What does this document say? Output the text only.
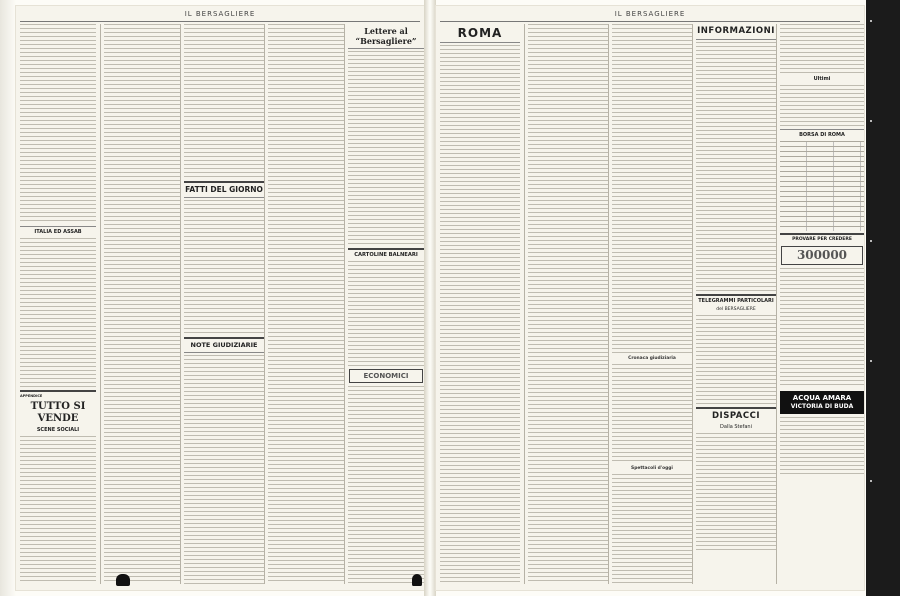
IL BERSAGLIERE
ITALIA ED ASSAB
APPENDICE
TUTTO SI VENDE
SCENE SOCIALI
FATTI DEL GIORNO
NOTE GIUDIZIARIE
Lettere al “Bersagliere”
CARTOLINE BALNEARI
ECONOMICI
IL BERSAGLIERE
ROMA
Cronaca giudiziaria
Spettacoli d'oggi
INFORMAZIONI
TELEGRAMMI PARTICOLARI
del BERSAGLIERE
DISPACCI
Dalla Stefani
Ultimi
BORSA DI ROMA
PROVARE PER CREDERE
300000
ACQUA AMARA
VICTORIA DI BUDA
